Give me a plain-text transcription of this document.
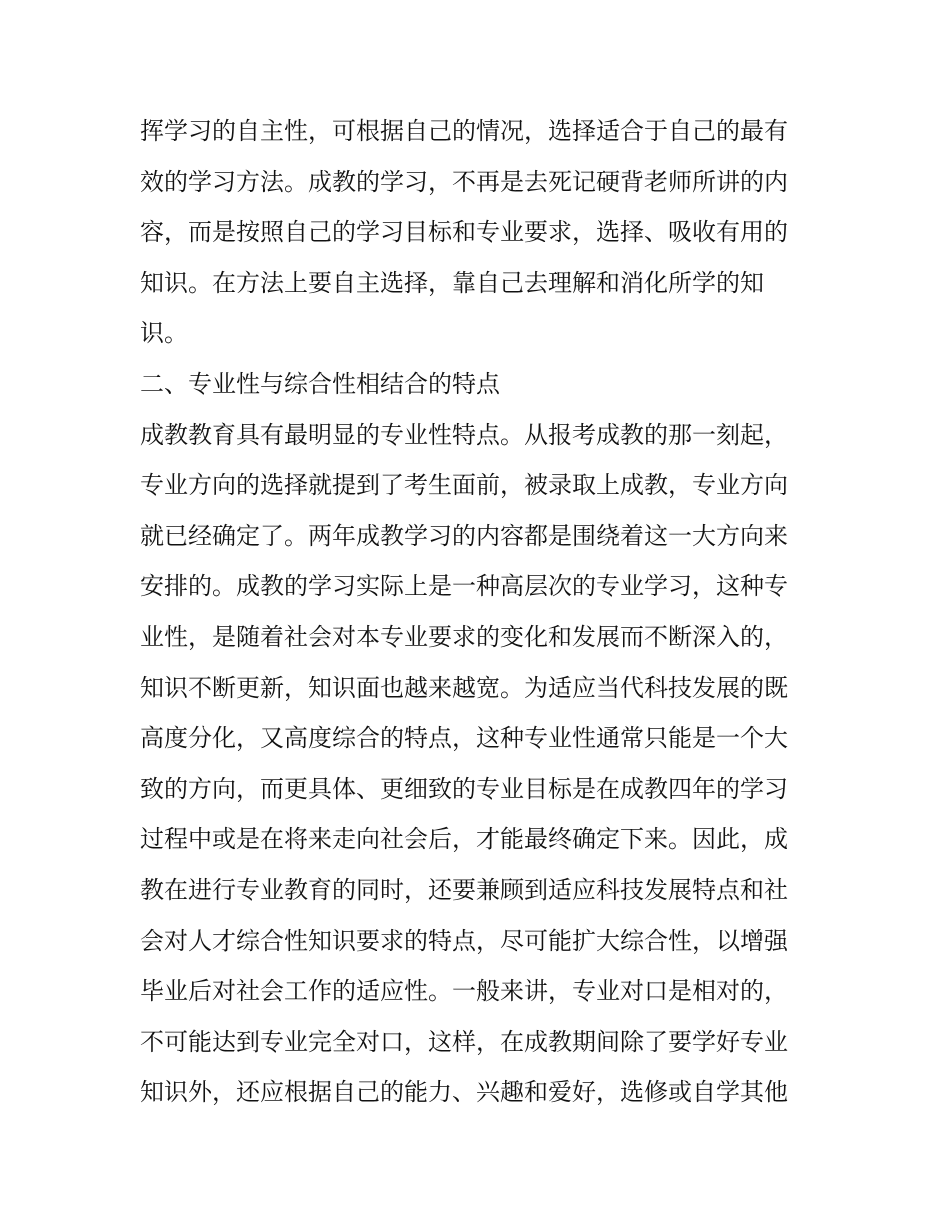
挥学习的自主性，可根据自己的情况，选择适合于自己的最有
效的学习方法。成教的学习，不再是去死记硬背老师所讲的内
容，而是按照自己的学习目标和专业要求，选择、吸收有用的
知识。在方法上要自主选择，靠自己去理解和消化所学的知
识。
二、专业性与综合性相结合的特点
成教教育具有最明显的专业性特点。从报考成教的那一刻起，
专业方向的选择就提到了考生面前，被录取上成教，专业方向
就已经确定了。两年成教学习的内容都是围绕着这一大方向来
安排的。成教的学习实际上是一种高层次的专业学习，这种专
业性，是随着社会对本专业要求的变化和发展而不断深入的，
知识不断更新，知识面也越来越宽。为适应当代科技发展的既
高度分化，又高度综合的特点，这种专业性通常只能是一个大
致的方向，而更具体、更细致的专业目标是在成教四年的学习
过程中或是在将来走向社会后，才能最终确定下来。因此，成
教在进行专业教育的同时，还要兼顾到适应科技发展特点和社
会对人才综合性知识要求的特点，尽可能扩大综合性，以增强
毕业后对社会工作的适应性。一般来讲，专业对口是相对的，
不可能达到专业完全对口，这样，在成教期间除了要学好专业
知识外，还应根据自己的能力、兴趣和爱好，选修或自学其他
